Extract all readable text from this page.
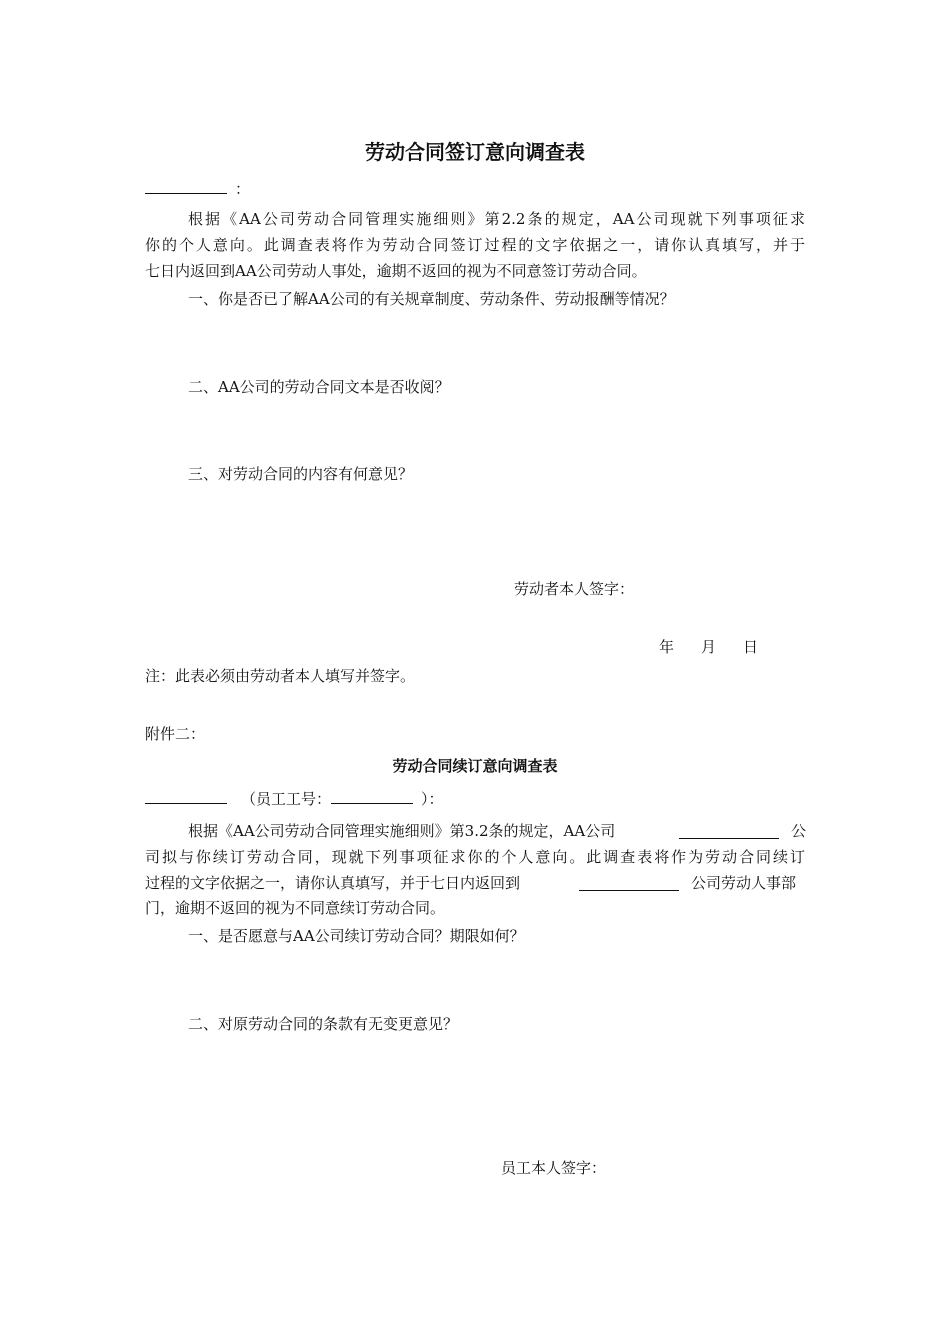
劳动合同签订意向调查表
：
根据《AA公司劳动合同管理实施细则》第2.2条的规定，AA公司现就下列事项征求
你的个人意向。此调查表将作为劳动合同签订过程的文字依据之一，请你认真填写，并于
七日内返回到AA公司劳动人事处，逾期不返回的视为不同意签订劳动合同。
一、你是否已了解AA公司的有关规章制度、劳动条件、劳动报酬等情况？
二、AA公司的劳动合同文本是否收阅？
三、对劳动合同的内容有何意见？
劳动者本人签字：
年 月 日
注：此表必须由劳动者本人填写并签字。
附件二：
劳动合同续订意向调查表
（员工工号：	）：
根据《AA公司劳动合同管理实施细则》第3.2条的规定，AA公司	公
司拟与你续订劳动合同，现就下列事项征求你的个人意向。此调查表将作为劳动合同续订
过程的文字依据之一，请你认真填写，并于七日内返回到	公司劳动人事部
门，逾期不返回的视为不同意续订劳动合同。
一、是否愿意与AA公司续订劳动合同？期限如何？
二、对原劳动合同的条款有无变更意见？
员工本人签字：
